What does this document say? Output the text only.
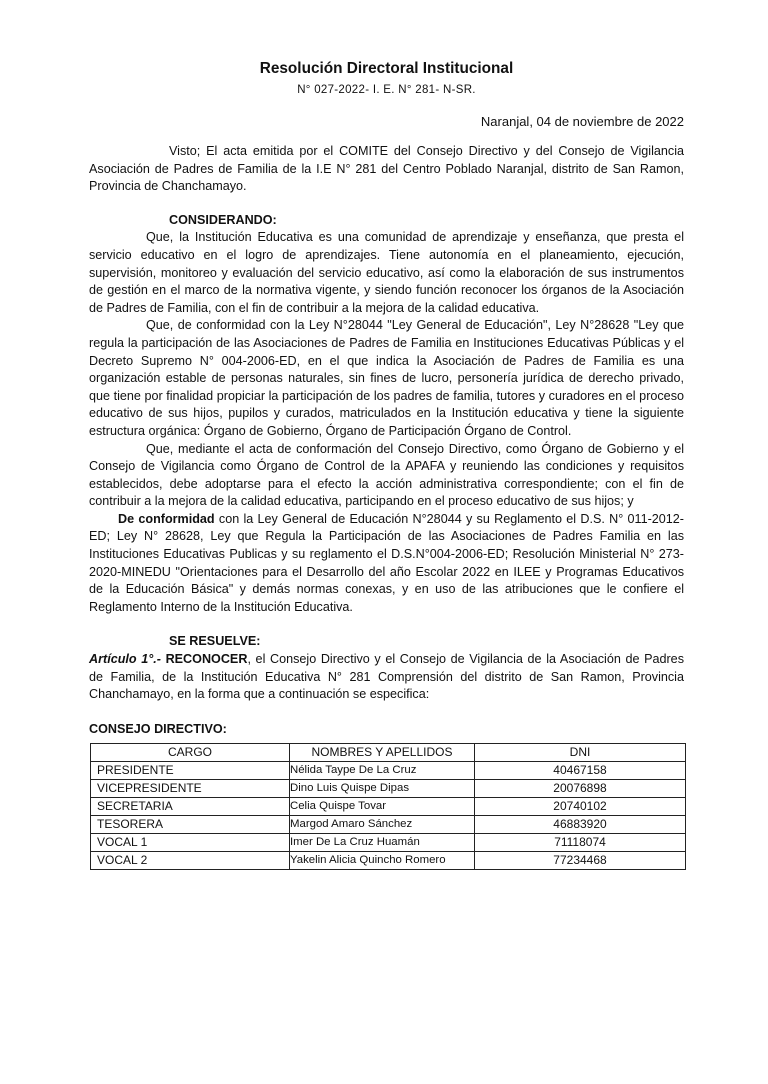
Resolución Directoral Institucional
N° 027-2022- I. E. N° 281- N-SR.
Naranjal, 04 de noviembre de 2022

Visto; El acta emitida por el COMITE del Consejo Directivo y del Consejo de Vigilancia Asociación de Padres de Familia de la I.E N° 281 del Centro Poblado Naranjal, distrito de San Ramon, Provincia de Chanchamayo.

CONSIDERANDO:

Que, la Institución Educativa es una comunidad de aprendizaje y enseñanza, que presta el servicio educativo en el logro de aprendizajes. Tiene autonomía en el planeamiento, ejecución, supervisión, monitoreo y evaluación del servicio educativo, así como la elaboración de sus instrumentos de gestión en el marco de la normativa vigente, y siendo función reconocer los órganos de la Asociación de Padres de Familia, con el fin de contribuir a la mejora de la calidad educativa.

Que, de conformidad con la Ley N°28044 "Ley General de Educación", Ley N°28628 "Ley que regula la participación de las Asociaciones de Padres de Familia en Instituciones Educativas Públicas y el Decreto Supremo N° 004-2006-ED, en el que indica la Asociación de Padres de Familia es una organización estable de personas naturales, sin fines de lucro, personería jurídica de derecho privado, que tiene por finalidad propiciar la participación de los padres de familia, tutores y curadores en el proceso educativo de sus hijos, pupilos y curados, matriculados en la Institución educativa y tiene la siguiente estructura orgánica: Órgano de Gobierno, Órgano de Participación Órgano de Control.

Que, mediante el acta de conformación del Consejo Directivo, como Órgano de Gobierno y el Consejo de Vigilancia como Órgano de Control de la APAFA y reuniendo las condiciones y requisitos establecidos, debe adoptarse para el efecto la acción administrativa correspondiente; con el fin de contribuir a la mejora de la calidad educativa, participando en el proceso educativo de sus hijos; y

De conformidad con la Ley General de Educación N°28044 y su Reglamento el D.S. N° 011-2012-ED; Ley N° 28628, Ley que Regula la Participación de las Asociaciones de Padres Familia en las Instituciones Educativas Publicas y su reglamento el D.S.N°004-2006-ED; Resolución Ministerial N° 273-2020-MINEDU "Orientaciones para el Desarrollo del año Escolar 2022 en ILEE y Programas Educativos de la Educación Básica" y demás normas conexas, y en uso de las atribuciones que le confiere el Reglamento Interno de la Institución Educativa.

SE RESUELVE:

Artículo 1°.- RECONOCER, el Consejo Directivo y el Consejo de Vigilancia de la Asociación de Padres de Familia, de la Institución Educativa N° 281 Comprensión del distrito de San Ramon, Provincia Chanchamayo, en la forma que a continuación se especifica:

CONSEJO DIRECTIVO:
CARGO	NOMBRES Y APELLIDOS	DNI
PRESIDENTE	Nélida Taype De La Cruz	40467158
VICEPRESIDENTE	Dino Luis Quispe Dipas	20076898
SECRETARIA	Celia Quispe Tovar	20740102
TESORERA	Margod Amaro Sánchez	46883920
VOCAL 1	Imer De La Cruz Huamán	71118074
VOCAL 2	Yakelin Alicia Quincho Romero	77234468
